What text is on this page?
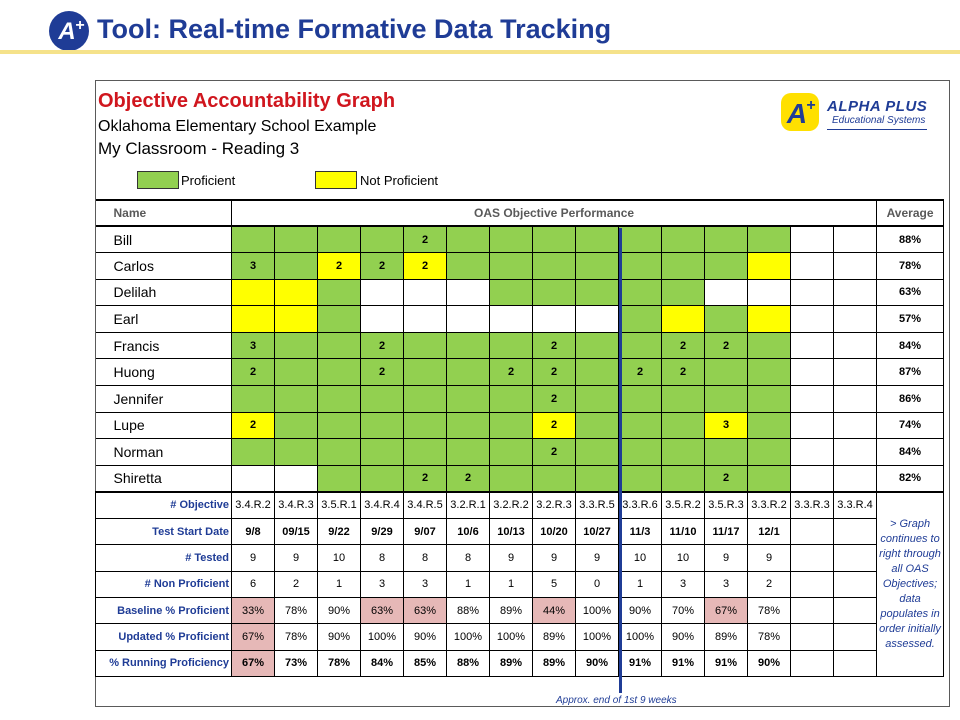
A + Tool: Real-time Formative Data Tracking
Objective Accountability Graph
Oklahoma Elementary School Example
My Classroom - Reading 3
Proficient	Not Proficient
A + ALPHA PLUS
Educational Systems
Name	OAS Objective Performance															Average
Bill					2											88%
Carlos	3		2	2	2											78%
Delilah																63%
Earl																57%
Francis	3			2				2			2	2				84%
Huong	2			2			2	2		2	2					87%
Jennifer								2								86%
Lupe	2							2				3				74%
Norman								2								84%
Shiretta					2	2						2				82%
# Objective	3.4.R.2	3.4.R.3	3.5.R.1	3.4.R.4	3.4.R.5	3.2.R.1	3.2.R.2	3.2.R.3	3.3.R.5	3.3.R.6	3.5.R.2	3.5.R.3	3.3.R.2	3.3.R.3	3.3.R.4	> Graph continues to right through all OAS Objectives; data populates in order initially assessed.
Test Start Date	9/8	09/15	9/22	9/29	9/07	10/6	10/13	10/20	10/27	11/3	11/10	11/17	12/1			
# Tested	9	9	10	8	8	8	9	9	9	10	10	9	9			
# Non Proficient	6	2	1	3	3	1	1	5	0	1	3	3	2			
Baseline % Proficient	33%	78%	90%	63%	63%	88%	89%	44%	100%	90%	70%	67%	78%			
Updated % Proficient	67%	78%	90%	100%	90%	100%	100%	89%	100%	100%	90%	89%	78%			
% Running Proficiency	67%	73%	78%	84%	85%	88%	89%	89%	90%	91%	91%	91%	90%			
Approx. end of 1st 9 weeks
